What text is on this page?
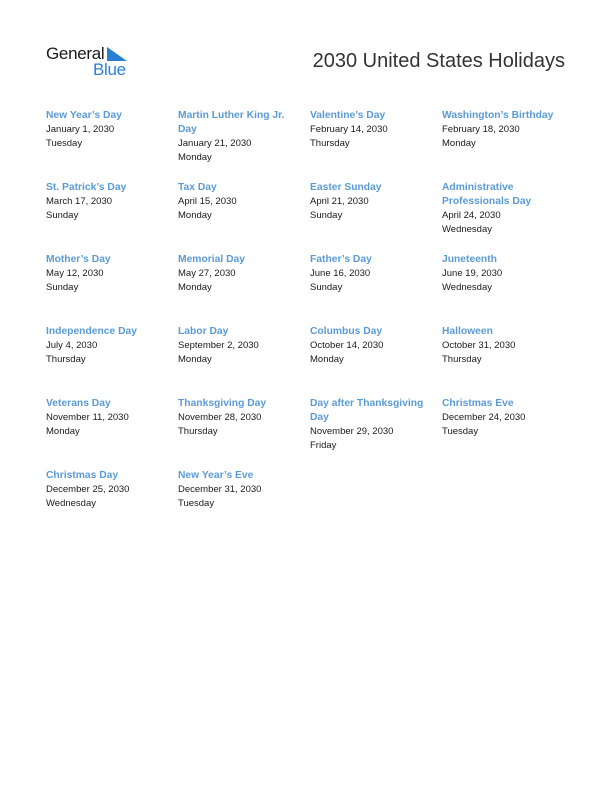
General
Blue	2030 United States Holidays
New Year’s Day
January 1, 2030
Tuesday
Martin Luther King Jr. Day
January 21, 2030
Monday
Valentine’s Day
February 14, 2030
Thursday
Washington’s Birthday
February 18, 2030
Monday
St. Patrick’s Day
March 17, 2030
Sunday
Tax Day
April 15, 2030
Monday
Easter Sunday
April 21, 2030
Sunday
Administrative Professionals Day
April 24, 2030
Wednesday
Mother’s Day
May 12, 2030
Sunday
Memorial Day
May 27, 2030
Monday
Father’s Day
June 16, 2030
Sunday
Juneteenth
June 19, 2030
Wednesday
Independence Day
July 4, 2030
Thursday
Labor Day
September 2, 2030
Monday
Columbus Day
October 14, 2030
Monday
Halloween
October 31, 2030
Thursday
Veterans Day
November 11, 2030
Monday
Thanksgiving Day
November 28, 2030
Thursday
Day after Thanksgiving Day
November 29, 2030
Friday
Christmas Eve
December 24, 2030
Tuesday
Christmas Day
December 25, 2030
Wednesday
New Year’s Eve
December 31, 2030
Tuesday
